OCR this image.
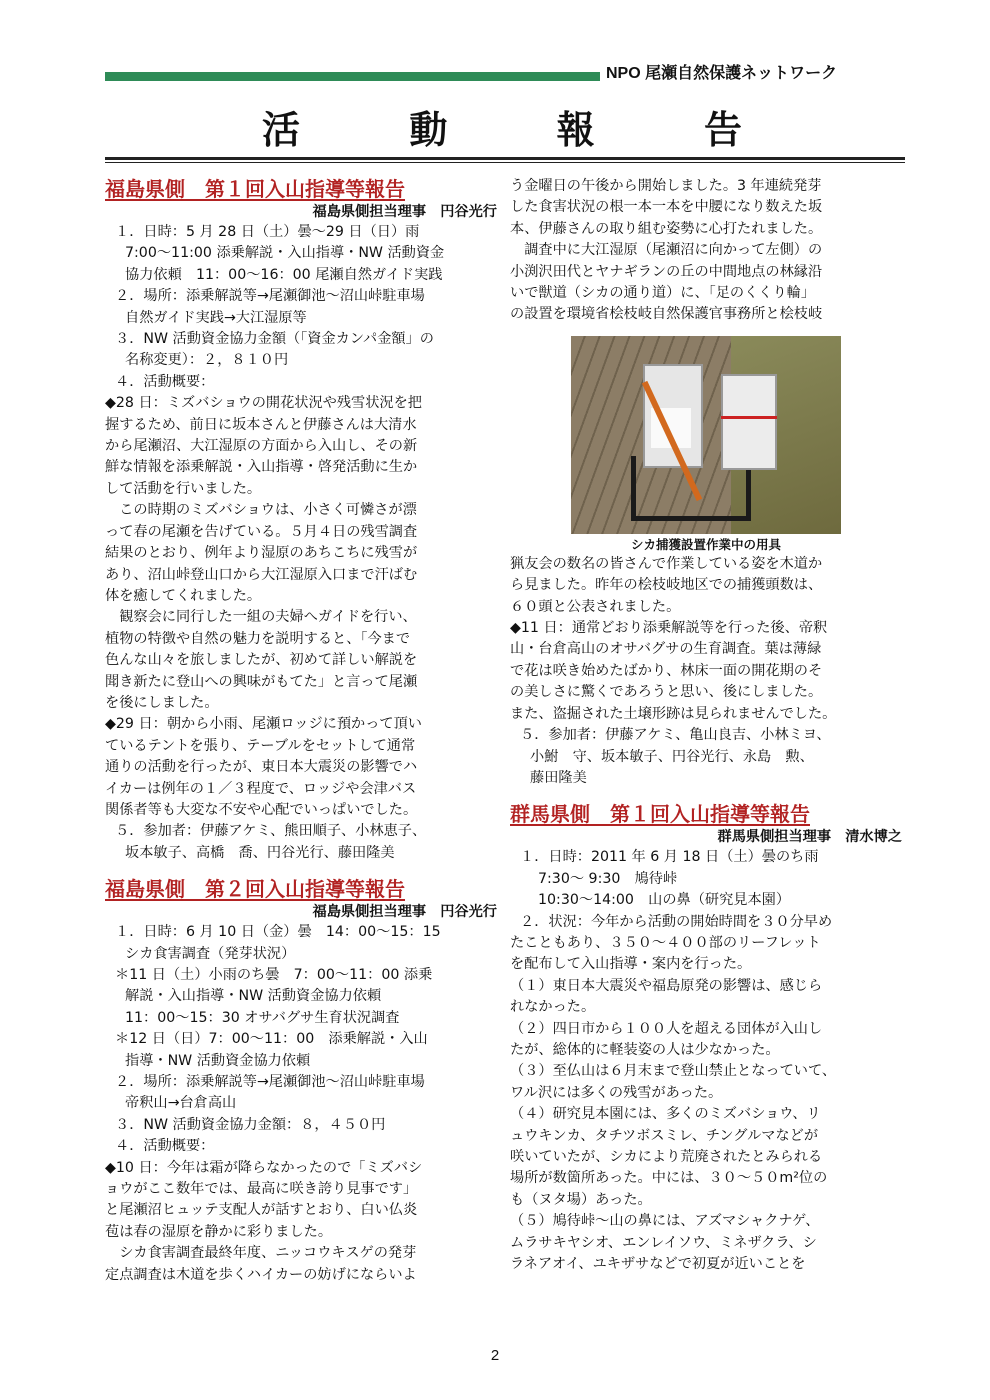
NPO 尾瀬自然保護ネットワーク
活	動	報	告
福島県側　第１回入山指導等報告
福島県側担当理事　円谷光行
１．日時：5 月 28 日（土）曇～29 日（日）雨
7:00～11:00 添乗解説・入山指導・NW 活動資金
協力依頼　11：00～16：00 尾瀬自然ガイド実践
２．場所：添乗解説等→尾瀬御池～沼山峠駐車場
自然ガイド実践→大江湿原等
３．NW 活動資金協力金額（「資金カンパ金額」の
名称変更）：２，８１０円
４．活動概要：
◆28 日：ミズバショウの開花状況や残雪状況を把
握するため、前日に坂本さんと伊藤さんは大清水
から尾瀬沼、大江湿原の方面から入山し、その新
鮮な情報を添乗解説・入山指導・啓発活動に生か
して活動を行いました。
　この時期のミズバショウは、小さく可憐さが漂
って春の尾瀬を告げている。５月４日の残雪調査
結果のとおり、例年より湿原のあちこちに残雪が
あり、沼山峠登山口から大江湿原入口まで汗ばむ
体を癒してくれました。
　観察会に同行した一組の夫婦へガイドを行い、
植物の特徴や自然の魅力を説明すると、「今まで
色んな山々を旅しましたが、初めて詳しい解説を
聞き新たに登山への興味がもてた」と言って尾瀬
を後にしました。
◆29 日：朝から小雨、尾瀬ロッジに預かって頂い
ているテントを張り、テーブルをセットして通常
通りの活動を行ったが、東日本大震災の影響でハ
イカーは例年の１／３程度で、ロッジや会津バス
関係者等も大変な不安や心配でいっぱいでした。
５．参加者：伊藤アケミ、熊田順子、小林恵子、
坂本敏子、高橋　喬、円谷光行、藤田隆美
福島県側　第２回入山指導等報告
福島県側担当理事　円谷光行
１．日時：6 月 10 日（金）曇　14：00～15：15
シカ食害調査（発芽状況）
＊11 日（土）小雨のち曇　7：00～11：00 添乗
解説・入山指導・NW 活動資金協力依頼
11：00～15：30 オサバグサ生育状況調査
＊12 日（日）7：00～11：00　添乗解説・入山
指導・NW 活動資金協力依頼
２．場所：添乗解説等→尾瀬御池～沼山峠駐車場
帝釈山→台倉高山
３．NW 活動資金協力金額：８，４５０円
４．活動概要：
◆10 日：今年は霜が降らなかったので「ミズバシ
ョウがここ数年では、最高に咲き誇り見事です」
と尾瀬沼ヒュッテ支配人が話すとおり、白い仏炎
苞は春の湿原を静かに彩りました。
　シカ食害調査最終年度、ニッコウキスゲの発芽
定点調査は木道を歩くハイカーの妨げにならいよ
う金曜日の午後から開始しました。3 年連続発芽
した食害状況の根一本一本を中腰になり数えた坂
本、伊藤さんの取り組む姿勢に心打たれました。
　調査中に大江湿原（尾瀬沼に向かって左側）の
小渕沢田代とヤナギランの丘の中間地点の林縁沿
いで獣道（シカの通り道）に、「足のくくり輪」
の設置を環境省桧枝岐自然保護官事務所と桧枝岐
シカ捕獲設置作業中の用具
猟友会の数名の皆さんで作業している姿を木道か
ら見ました。昨年の桧枝岐地区での捕獲頭数は、
６０頭と公表されました。
◆11 日：通常どおり添乗解説等を行った後、帝釈
山・台倉高山のオサバグサの生育調査。葉は薄緑
で花は咲き始めたばかり、林床一面の開花期のそ
の美しさに驚くであろうと思い、後にしました。
また、盗掘された土壌形跡は見られませんでした。
５．参加者：伊藤アケミ、亀山良吉、小林ミヨ、
小鮒　守、坂本敏子、円谷光行、永島　勲、
藤田隆美
群馬県側　第１回入山指導等報告
群馬県側担当理事　清水博之
１．日時：2011 年 6 月 18 日（土）曇のち雨
7:30～ 9:30　鳩待峠
10:30～14:00　山の鼻（研究見本園）
２．状況：今年から活動の開始時間を３０分早め
たこともあり、３５０～４００部のリーフレット
を配布して入山指導・案内を行った。
（１）東日本大震災や福島原発の影響は、感じら
れなかった。
（２）四日市から１００人を超える団体が入山し
たが、総体的に軽装姿の人は少なかった。
（３）至仏山は６月末まで登山禁止となっていて、
ワル沢には多くの残雪があった。
（４）研究見本園には、多くのミズバショウ、リ
ュウキンカ、タチツボスミレ、チングルマなどが
咲いていたが、シカにより荒廃されたとみられる
場所が数箇所あった。中には、３０～５０m²位の
も（ヌタ場）あった。
（５）鳩待峠～山の鼻には、アズマシャクナゲ、
ムラサキヤシオ、エンレイソウ、ミネザクラ、シ
ラネアオイ、ユキザサなどで初夏が近いことを
2
